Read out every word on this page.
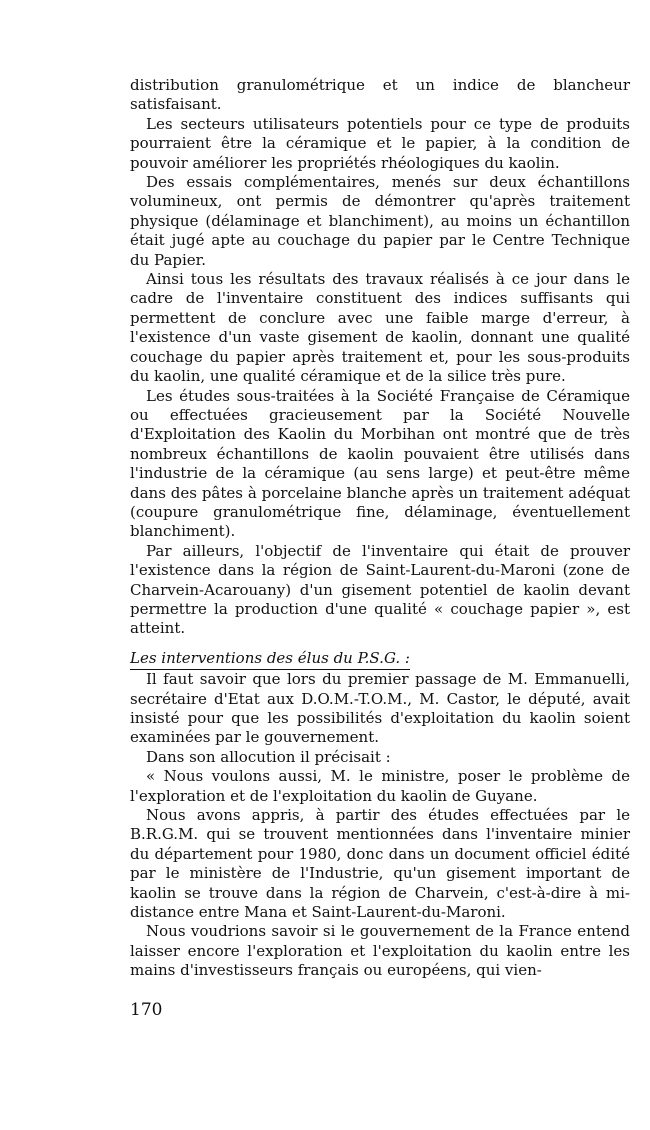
distribution granulométrique et un indice de blancheur satisfaisant.

Les secteurs utilisateurs potentiels pour ce type de produits pourraient être la céramique et le papier, à la condition de pouvoir améliorer les propriétés rhéologiques du kaolin.

Des essais complémentaires, menés sur deux échantillons volumineux, ont permis de démontrer qu'après traitement physique (délaminage et blanchiment), au moins un échantillon était jugé apte au couchage du papier par le Centre Technique du Papier.

Ainsi tous les résultats des travaux réalisés à ce jour dans le cadre de l'inventaire constituent des indices suffisants qui permettent de conclure avec une faible marge d'erreur, à l'existence d'un vaste gisement de kaolin, donnant une qualité couchage du papier après traitement et, pour les sous-produits du kaolin, une qualité céramique et de la silice très pure.

Les études sous-traitées à la Société Française de Céramique ou effectuées gracieusement par la Société Nouvelle d'Exploitation des Kaolin du Morbihan ont montré que de très nombreux échantillons de kaolin pouvaient être utilisés dans l'industrie de la céramique (au sens large) et peut-être même dans des pâtes à porcelaine blanche après un traitement adéquat (coupure granulométrique fine, délaminage, éventuellement blanchiment).

Par ailleurs, l'objectif de l'inventaire qui était de prouver l'existence dans la région de Saint-Laurent-du-Maroni (zone de Charvein-Acarouany) d'un gisement potentiel de kaolin devant permettre la production d'une qualité « couchage papier », est atteint.

Les interventions des élus du P.S.G. :

Il faut savoir que lors du premier passage de M. Emmanuelli, secrétaire d'Etat aux D.O.M.-T.O.M., M. Castor, le député, avait insisté pour que les possibilités d'exploitation du kaolin soient examinées par le gouvernement.

Dans son allocution il précisait :

« Nous voulons aussi, M. le ministre, poser le problème de l'exploration et de l'exploitation du kaolin de Guyane.

Nous avons appris, à partir des études effectuées par le B.R.G.M. qui se trouvent mentionnées dans l'inventaire minier du département pour 1980, donc dans un document officiel édité par le ministère de l'Industrie, qu'un gisement important de kaolin se trouve dans la région de Charvein, c'est-à-dire à mi-distance entre Mana et Saint-Laurent-du-Maroni.

Nous voudrions savoir si le gouvernement de la France entend laisser encore l'exploration et l'exploitation du kaolin entre les mains d'investisseurs français ou européens, qui vien-

170
